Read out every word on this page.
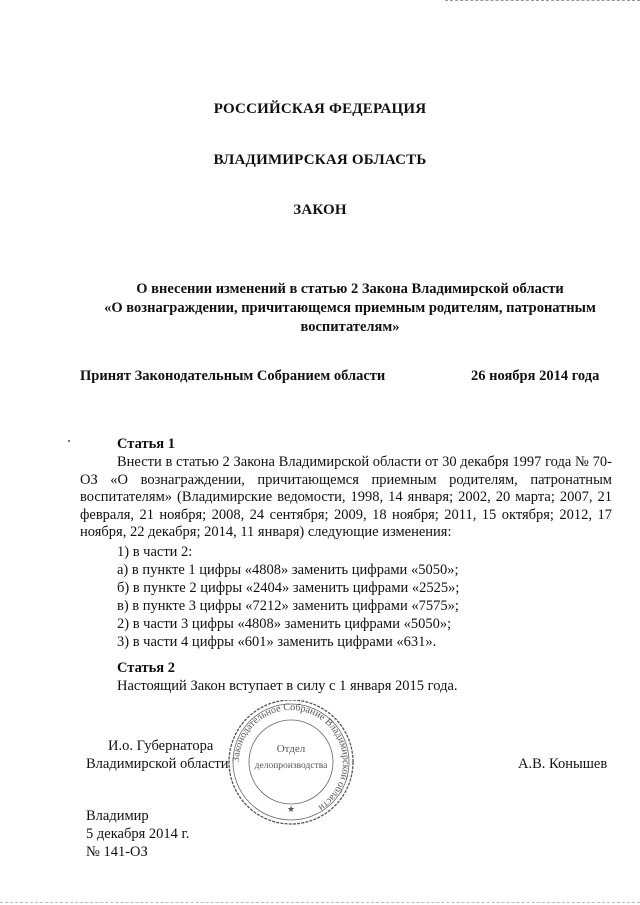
РОССИЙСКАЯ ФЕДЕРАЦИЯ
ВЛАДИМИРСКАЯ ОБЛАСТЬ
ЗАКОН
О внесении изменений в статью 2 Закона Владимирской области
«О вознаграждении, причитающемся приемным родителям, патронатным
воспитателям»
Принят Законодательным Собранием области	26 ноября 2014 года
Статья 1
Внести в статью 2 Закона Владимирской области от 30 декабря 1997 года № 70-ОЗ «О вознаграждении, причитающемся приемным родителям, патронатным воспитателям» (Владимирские ведомости, 1998, 14 января; 2002, 20 марта; 2007, 21 февраля, 21 ноября; 2008, 24 сентября; 2009, 18 ноября; 2011, 15 октября; 2012, 17 ноября, 22 декабря; 2014, 11 января) следующие изменения:
1) в части 2:
а) в пункте 1 цифры «4808» заменить цифрами «5050»;
б) в пункте 2 цифры «2404» заменить цифрами «2525»;
в) в пункте 3 цифры «7212» заменить цифрами «7575»;
2) в части 3 цифры «4808» заменить цифрами «5050»;
3) в части 4 цифры «601» заменить цифрами «631».
Статья 2
Настоящий Закон вступает в силу с 1 января 2015 года.
И.о. Губернатора
Владимирской области	А.В. Конышев
Законодательное Собрание Владимирской области
Отдел
делопроизводства
★
Владимир
5 декабря 2014 г.
№ 141-ОЗ
